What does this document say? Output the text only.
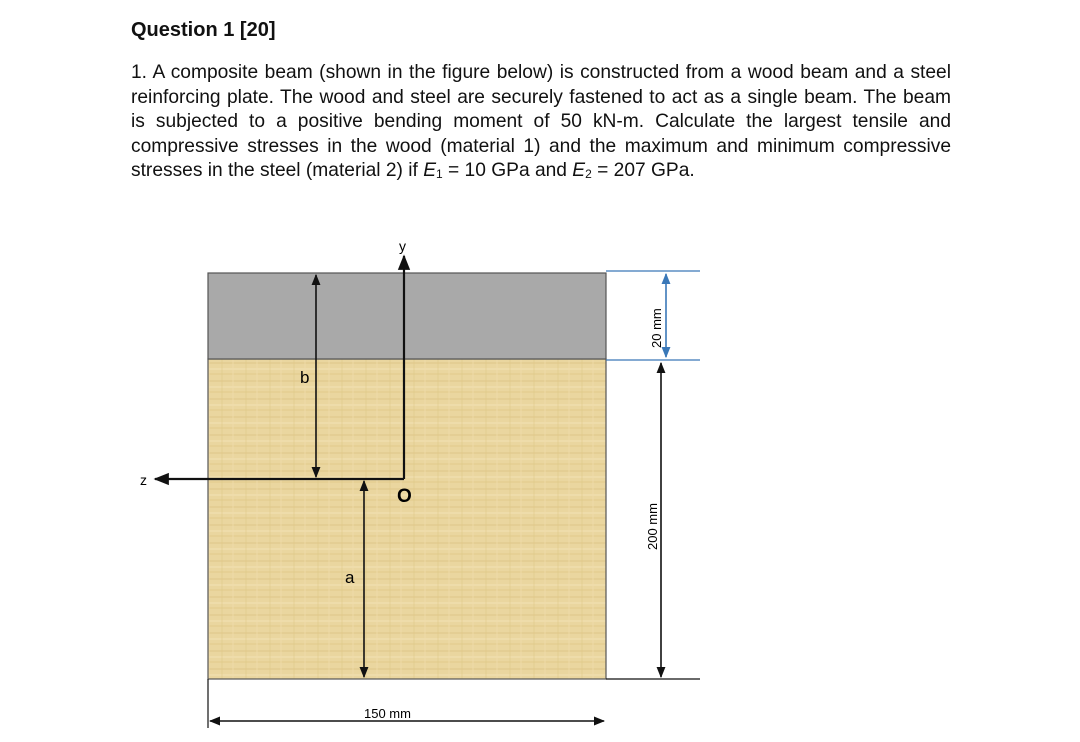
Question 1 [20]

1. A composite beam (shown in the figure below) is constructed from a wood beam and a steel reinforcing plate. The wood and steel are securely fastened to act as a single beam. The beam is subjected to a positive bending moment of 50 kN-m. Calculate the largest tensile and compressive stresses in the wood (material 1) and the maximum and minimum compressive stresses in the steel (material 2) if $E_1 = 10$ GPa and $E_2 = 207$ GPa.

y
z
O
b
a
20 mm
200 mm
150 mm
